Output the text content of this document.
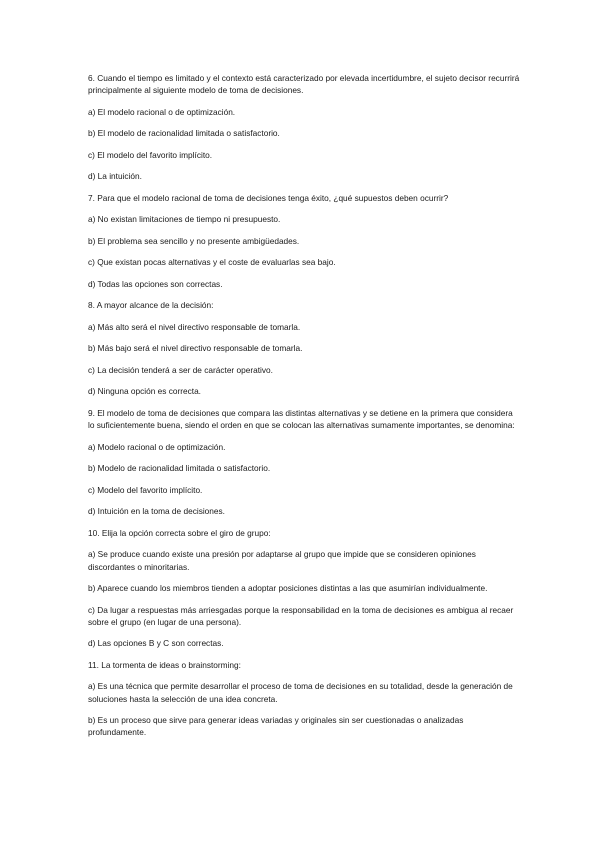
6. Cuando el tiempo es limitado y el contexto está caracterizado por elevada incertidumbre, el sujeto decisor recurrirá principalmente al siguiente modelo de toma de decisiones.
a) El modelo racional o de optimización.
b) El modelo de racionalidad limitada o satisfactorio.
c) El modelo del favorito implícito.
d) La intuición.
7. Para que el modelo racional de toma de decisiones tenga éxito, ¿qué supuestos deben ocurrir?
a) No existan limitaciones de tiempo ni presupuesto.
b) El problema sea sencillo y no presente ambigüedades.
c) Que existan pocas alternativas y el coste de evaluarlas sea bajo.
d) Todas las opciones son correctas.
8. A mayor alcance de la decisión:
a) Más alto será el nivel directivo responsable de tomarla.
b) Más bajo será el nivel directivo responsable de tomarla.
c) La decisión tenderá a ser de carácter operativo.
d) Ninguna opción es correcta.
9. El modelo de toma de decisiones que compara las distintas alternativas y se detiene en la primera que considera lo suficientemente buena, siendo el orden en que se colocan las alternativas sumamente importantes, se denomina:
a) Modelo racional o de optimización.
b) Modelo de racionalidad limitada o satisfactorio.
c) Modelo del favorito implícito.
d) Intuición en la toma de decisiones.
10. Elija la opción correcta sobre el giro de grupo:
a) Se produce cuando existe una presión por adaptarse al grupo que impide que se consideren opiniones discordantes o minoritarias.
b) Aparece cuando los miembros tienden a adoptar posiciones distintas a las que asumirían individualmente.
c) Da lugar a respuestas más arriesgadas porque la responsabilidad en la toma de decisiones es ambigua al recaer sobre el grupo (en lugar de una persona).
d) Las opciones B y C son correctas.
11. La tormenta de ideas o brainstorming:
a) Es una técnica que permite desarrollar el proceso de toma de decisiones en su totalidad, desde la generación de soluciones hasta la selección de una idea concreta.
b) Es un proceso que sirve para generar ideas variadas y originales sin ser cuestionadas o analizadas profundamente.
